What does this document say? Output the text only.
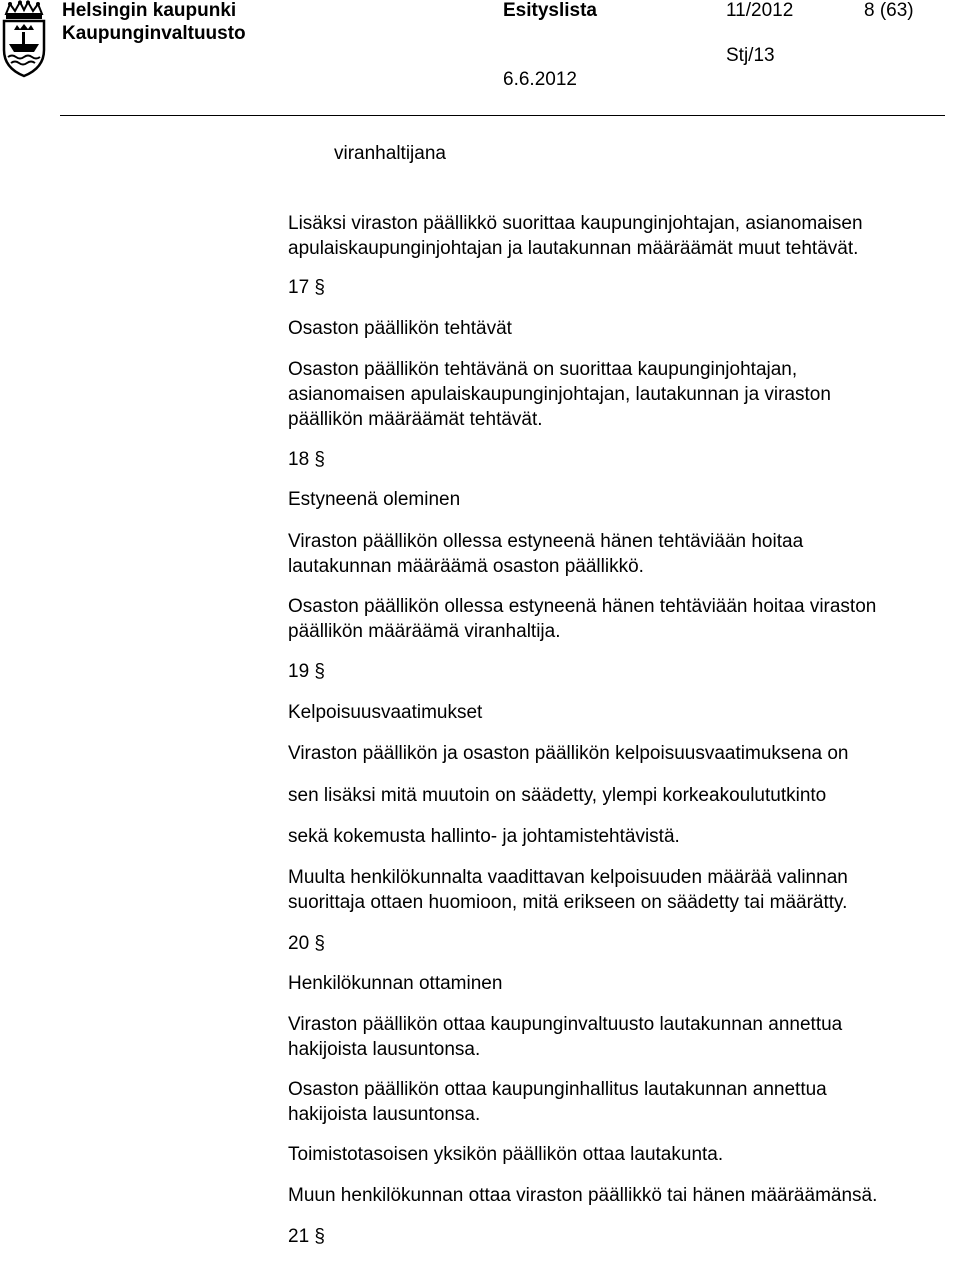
Helsingin kaupunki
Kaupunginvaltuusto
Esityslista	11/2012	8 (63)
Stj/13
6.6.2012
viranhaltijana
Lisäksi viraston päällikkö suorittaa kaupunginjohtajan, asianomaisen
apulaiskaupunginjohtajan ja lautakunnan määräämät muut tehtävät.
17 §
Osaston päällikön tehtävät
Osaston päällikön tehtävänä on suorittaa kaupunginjohtajan,
asianomaisen apulaiskaupunginjohtajan, lautakunnan ja viraston
päällikön määräämät tehtävät.
18 §
Estyneenä oleminen
Viraston päällikön ollessa estyneenä hänen tehtäviään hoitaa
lautakunnan määräämä osaston päällikkö.
Osaston päällikön ollessa estyneenä hänen tehtäviään hoitaa viraston
päällikön määräämä viranhaltija.
19 §
Kelpoisuusvaatimukset
Viraston päällikön ja osaston päällikön kelpoisuusvaatimuksena on
sen lisäksi mitä muutoin on säädetty, ylempi korkeakoulututkinto
sekä kokemusta hallinto- ja johtamistehtävistä.
Muulta henkilökunnalta vaadittavan kelpoisuuden määrää valinnan
suorittaja ottaen huomioon, mitä erikseen on säädetty tai määrätty.
20 §
Henkilökunnan ottaminen
Viraston päällikön ottaa kaupunginvaltuusto lautakunnan annettua
hakijoista lausuntonsa.
Osaston päällikön ottaa kaupunginhallitus lautakunnan annettua
hakijoista lausuntonsa.
Toimistotasoisen yksikön päällikön ottaa lautakunta.
Muun henkilökunnan ottaa viraston päällikkö tai hänen määräämänsä.
21 §
